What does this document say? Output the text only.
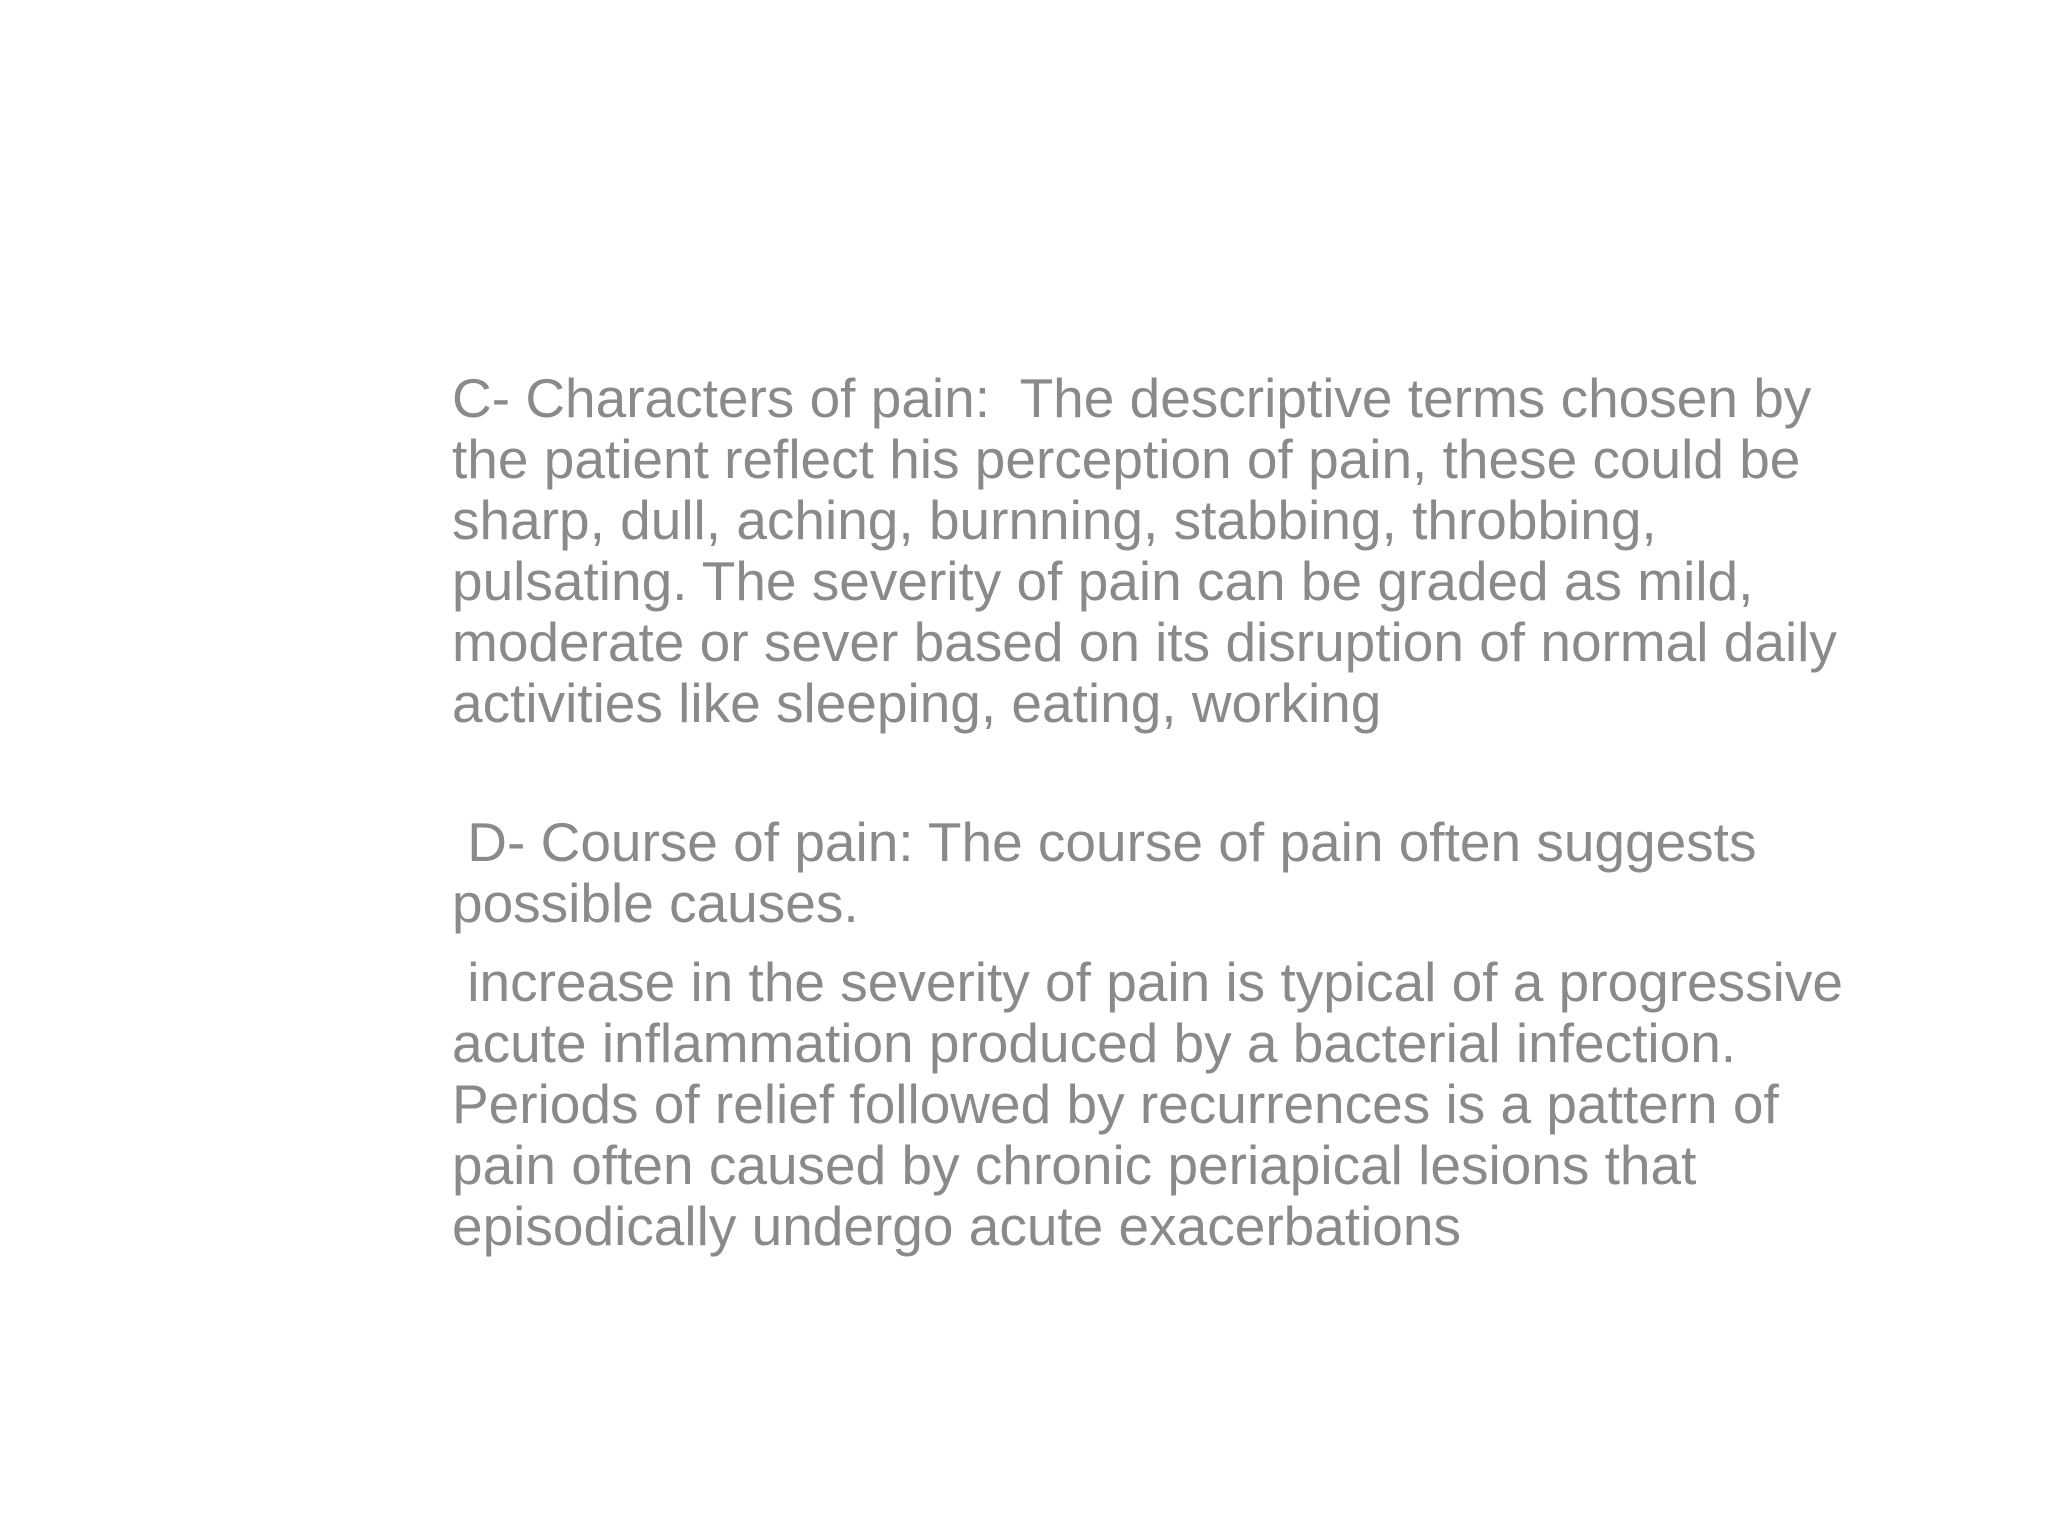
C- Characters of pain:  The descriptive terms chosen by the patient reflect his perception of pain, these could be sharp, dull, aching, burnning, stabbing, throbbing, pulsating. The severity of pain can be graded as mild, moderate or sever based on its disruption of normal daily activities like sleeping, eating, working

D- Course of pain: The course of pain often suggests possible causes.

increase in the severity of pain is typical of a progressive acute inflammation produced by a bacterial infection. Periods of relief followed by recurrences is a pattern of pain often caused by chronic periapical lesions that episodically undergo acute exacerbations
